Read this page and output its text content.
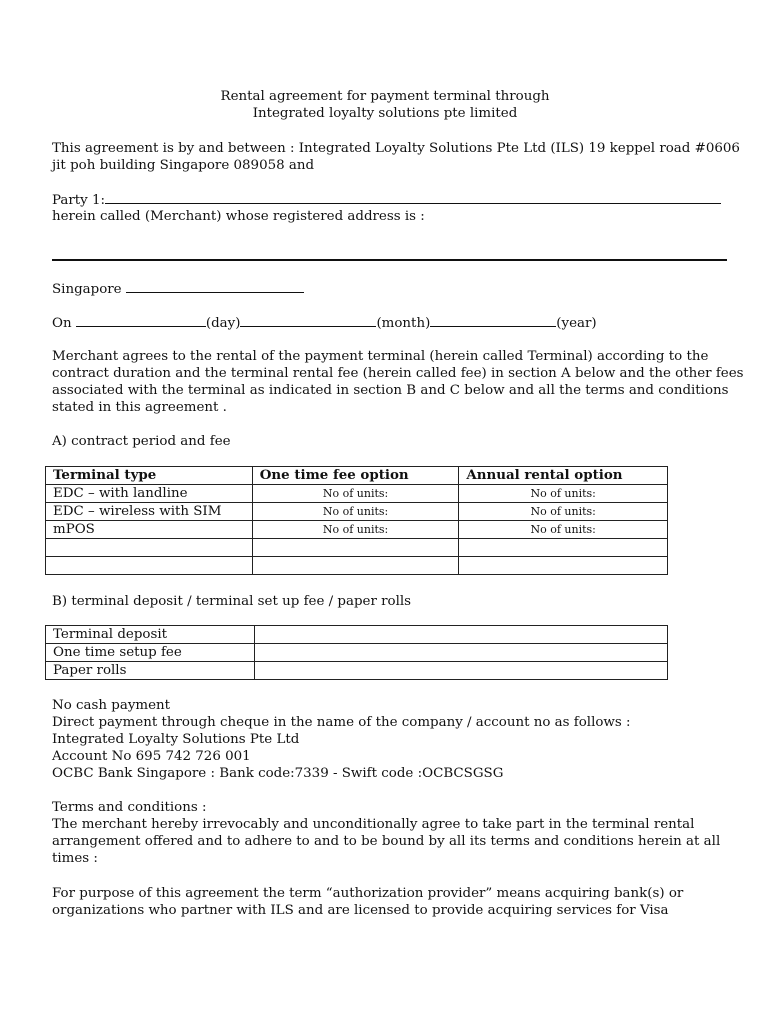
Rental agreement for payment terminal through
Integrated loyalty solutions pte limited
This agreement is by and between : Integrated Loyalty Solutions Pte Ltd (ILS) 19 keppel road #0606
jit poh building Singapore 089058 and
Party 1:
herein called (Merchant) whose registered address is :
Singapore
On	(day)	(month)	(year)
Merchant agrees to the rental of the payment terminal (herein called Terminal) according to the
contract duration and the terminal rental fee (herein called fee) in section A below and the other fees
associated with the terminal as indicated in section B and C below and all the terms and conditions
stated in this agreement .
A) contract period and fee
Terminal type	One time fee option	Annual rental option
EDC – with landline	No of units:	No of units:
EDC – wireless with SIM	No of units:	No of units:
mPOS	No of units:	No of units:

B) terminal deposit / terminal set up fee / paper rolls
Terminal deposit	
One time setup fee	
Paper rolls	
No cash payment
Direct payment through cheque in the name of the company / account no as follows :
Integrated Loyalty Solutions Pte Ltd
Account No 695 742 726 001
OCBC Bank Singapore : Bank code:7339 - Swift code :OCBCSGSG
Terms and conditions :
The merchant hereby irrevocably and unconditionally agree to take part in the terminal rental
arrangement offered and to adhere to and to be bound by all its terms and conditions herein at all
times :
For purpose of this agreement the term “authorization provider” means acquiring bank(s) or
organizations who partner with ILS and are licensed to provide acquiring services for Visa
